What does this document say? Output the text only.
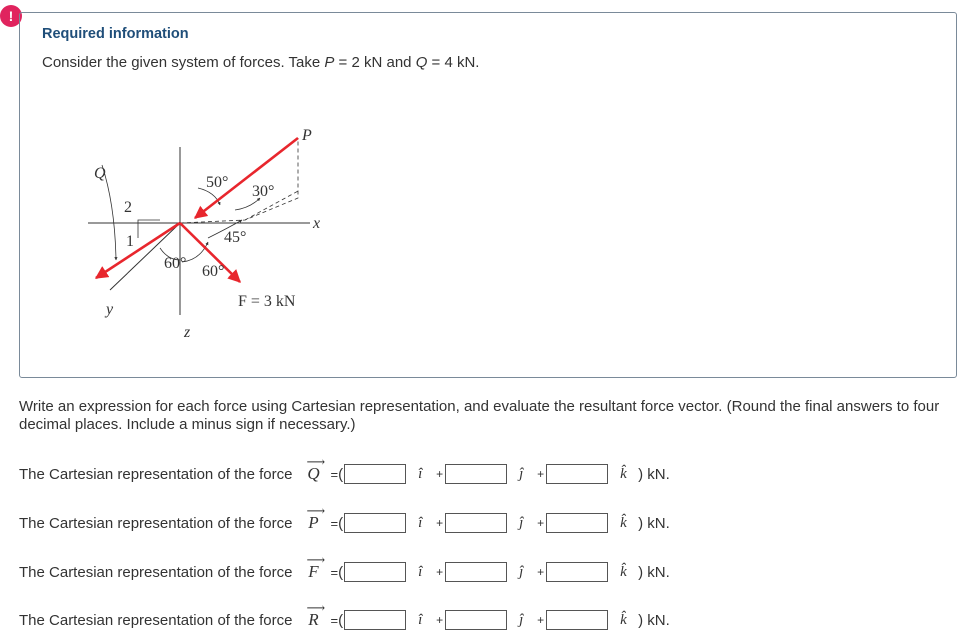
!
Required information
Consider the given system of forces. Take P = 2 kN and Q = 4 kN.
P
Q
x
y
z
50°
30°
45°
60° 60°
2
1
F = 3 kN
Write an expression for each force using Cartesian representation, and evaluate the resultant force vector. (Round the final answers to four decimal places. Include a minus sign if necessary.)
The Cartesian representation of the force
⟶
Q = (	î	+	ĵ	+	k̂ ) kN.
The Cartesian representation of the force
⟶
P = (	î	+	ĵ	+	k̂ ) kN.
The Cartesian representation of the force
⟶
F = (	î	+	ĵ	+	k̂ ) kN.
The Cartesian representation of the force
⟶
R = (	î	+	ĵ	+	k̂ ) kN.
